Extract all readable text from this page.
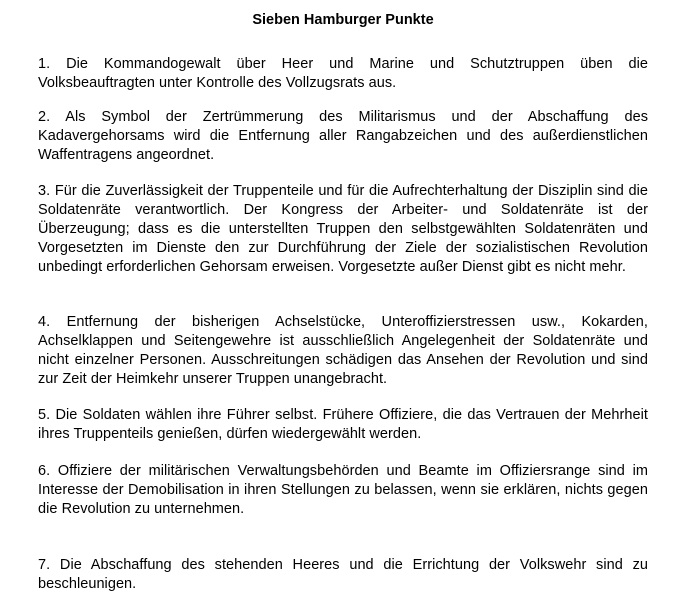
Sieben Hamburger Punkte

1. Die Kommandogewalt über Heer und Marine und Schutztruppen üben die Volksbeauftragten unter Kontrolle des Vollzugsrats aus.

2. Als Symbol der Zertrümmerung des Militarismus und der Abschaffung des Kadavergehorsams wird die Entfernung aller Rangabzeichen und des außerdienstlichen Waffentragens angeordnet.

3. Für die Zuverlässigkeit der Truppenteile und für die Aufrechterhaltung der Disziplin sind die Soldatenräte verantwortlich. Der Kongress der Arbeiter- und Soldatenräte ist der Überzeugung; dass es die unterstellten Truppen den selbstgewählten Soldatenräten und Vorgesetzten im Dienste den zur Durchführung der Ziele der sozialistischen Revolution unbedingt erforderlichen Gehorsam erweisen. Vorgesetzte außer Dienst gibt es nicht mehr.

4. Entfernung der bisherigen Achselstücke, Unteroffizierstressen usw., Kokarden, Achselklappen und Seitengewehre ist ausschließlich Angelegenheit der Soldatenräte und nicht einzelner Personen. Ausschreitungen schädigen das Ansehen der Revolution und sind zur Zeit der Heimkehr unserer Truppen unangebracht.

5. Die Soldaten wählen ihre Führer selbst. Frühere Offiziere, die das Vertrauen der Mehrheit ihres Truppenteils genießen, dürfen wiedergewählt werden.

6. Offiziere der militärischen Verwaltungsbehörden und Beamte im Offiziersrange sind im Interesse der Demobilisation in ihren Stellungen zu belassen, wenn sie erklären, nichts gegen die Revolution zu unternehmen.

7. Die Abschaffung des stehenden Heeres und die Errichtung der Volkswehr sind zu beschleunigen.
